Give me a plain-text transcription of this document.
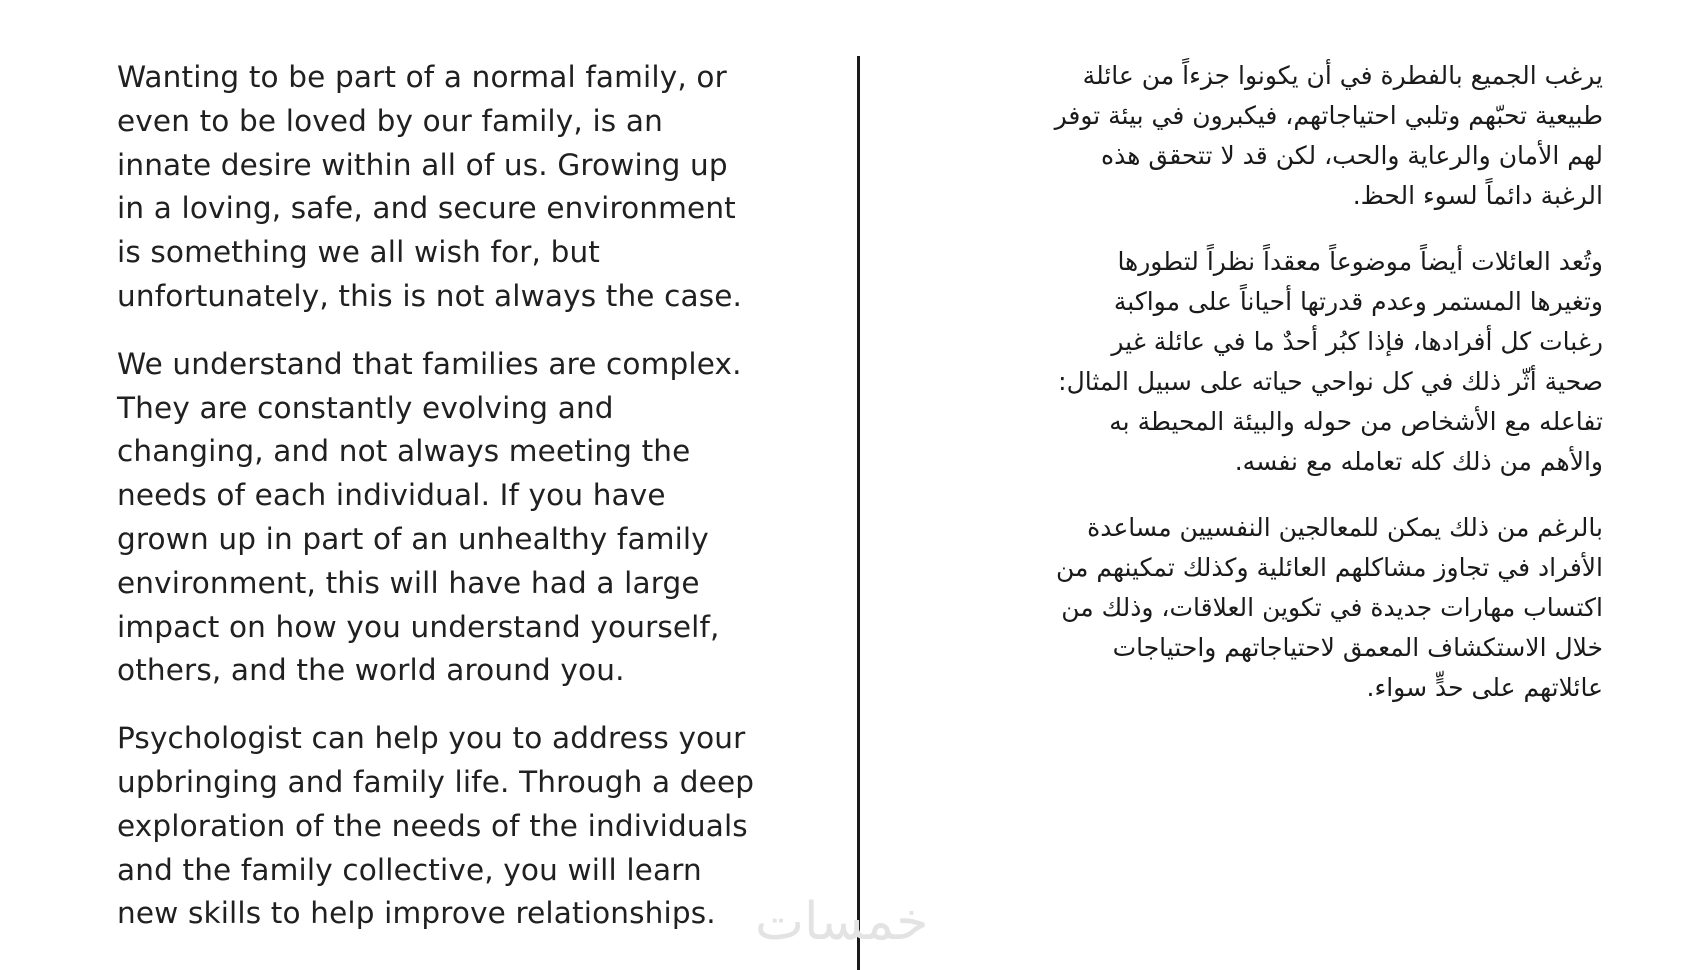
Wanting to be part of a normal family, or
even to be loved by our family, is an
innate desire within all of us. Growing up
in a loving, safe, and secure environment
is something we all wish for, but
unfortunately, this is not always the case.

We understand that families are complex.
They are constantly evolving and
changing, and not always meeting the
needs of each individual. If you have
grown up in part of an unhealthy family
environment, this will have had a large
impact on how you understand yourself,
others, and the world around you.

Psychologist can help you to address your
upbringing and family life. Through a deep
exploration of the needs of the individuals
and the family collective, you will learn
new skills to help improve relationships.

يرغب الجميع بالفطرة في أن يكونوا جزءاً من عائلة
طبيعية تحبّهم وتلبي احتياجاتهم، فيكبرون في بيئة توفر
لهم الأمان والرعاية والحب، لكن قد لا تتحقق هذه
الرغبة دائماً لسوء الحظ.

وتُعد العائلات أيضاً موضوعاً معقداً نظراً لتطورها
وتغيرها المستمر وعدم قدرتها أحياناً على مواكبة
رغبات كل أفرادها، فإذا كبُر أحدٌ ما في عائلة غير
صحية أثّر ذلك في كل نواحي حياته على سبيل المثال:
تفاعله مع الأشخاص من حوله والبيئة المحيطة به
والأهم من ذلك كله تعامله مع نفسه.

بالرغم من ذلك يمكن للمعالجين النفسيين مساعدة
الأفراد في تجاوز مشاكلهم العائلية وكذلك تمكينهم من
اكتساب مهارات جديدة في تكوين العلاقات، وذلك من
خلال الاستكشاف المعمق لاحتياجاتهم واحتياجات
عائلاتهم على حدٍّ سواء.

خمسات
